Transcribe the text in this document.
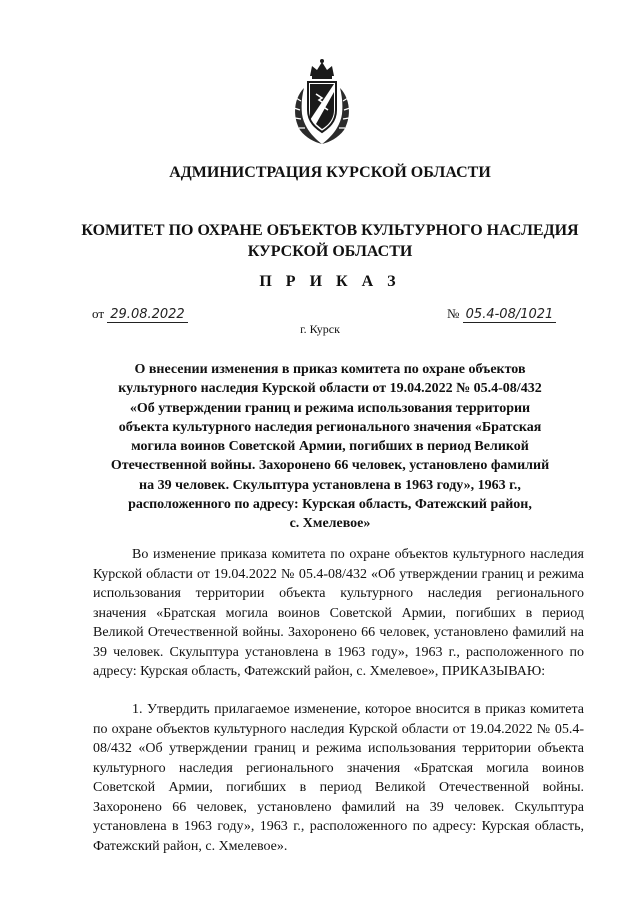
АДМИНИСТРАЦИЯ КУРСКОЙ ОБЛАСТИ
КОМИТЕТ ПО ОХРАНЕ ОБЪЕКТОВ КУЛЬТУРНОГО НАСЛЕДИЯ
КУРСКОЙ ОБЛАСТИ
П Р И К А З
от 29.08.2022	№ 05.4-08/1021
г. Курск
О внесении изменения в приказ комитета по охране объектов
культурного наследия Курской области от 19.04.2022 № 05.4-08/432
«Об утверждении границ и режима использования территории
объекта культурного наследия регионального значения «Братская
могила воинов Советской Армии, погибших в период Великой
Отечественной войны. Захоронено 66 человек, установлено фамилий
на 39 человек. Скульптура установлена в 1963 году», 1963 г.,
расположенного по адресу: Курская область, Фатежский район,
с. Хмелевое»

Во изменение приказа комитета по охране объектов культурного наследия Курской области от 19.04.2022 № 05.4-08/432 «Об утверждении границ и режима использования территории объекта культурного наследия регионального значения «Братская могила воинов Советской Армии, погибших в период Великой Отечественной войны. Захоронено 66 человек, установлено фамилий на 39 человек. Скульптура установлена в 1963 году», 1963 г., расположенного по адресу: Курская область, Фатежский район, с. Хмелевое», ПРИКАЗЫВАЮ:

1. Утвердить прилагаемое изменение, которое вносится в приказ комитета по охране объектов культурного наследия Курской области от 19.04.2022 № 05.4-08/432 «Об утверждении границ и режима использования территории объекта культурного наследия регионального значения «Братская могила воинов Советской Армии, погибших в период Великой Отечественной войны. Захоронено 66 человек, установлено фамилий на 39 человек. Скульптура установлена в 1963 году», 1963 г., расположенного по адресу: Курская область, Фатежский район, с. Хмелевое».
